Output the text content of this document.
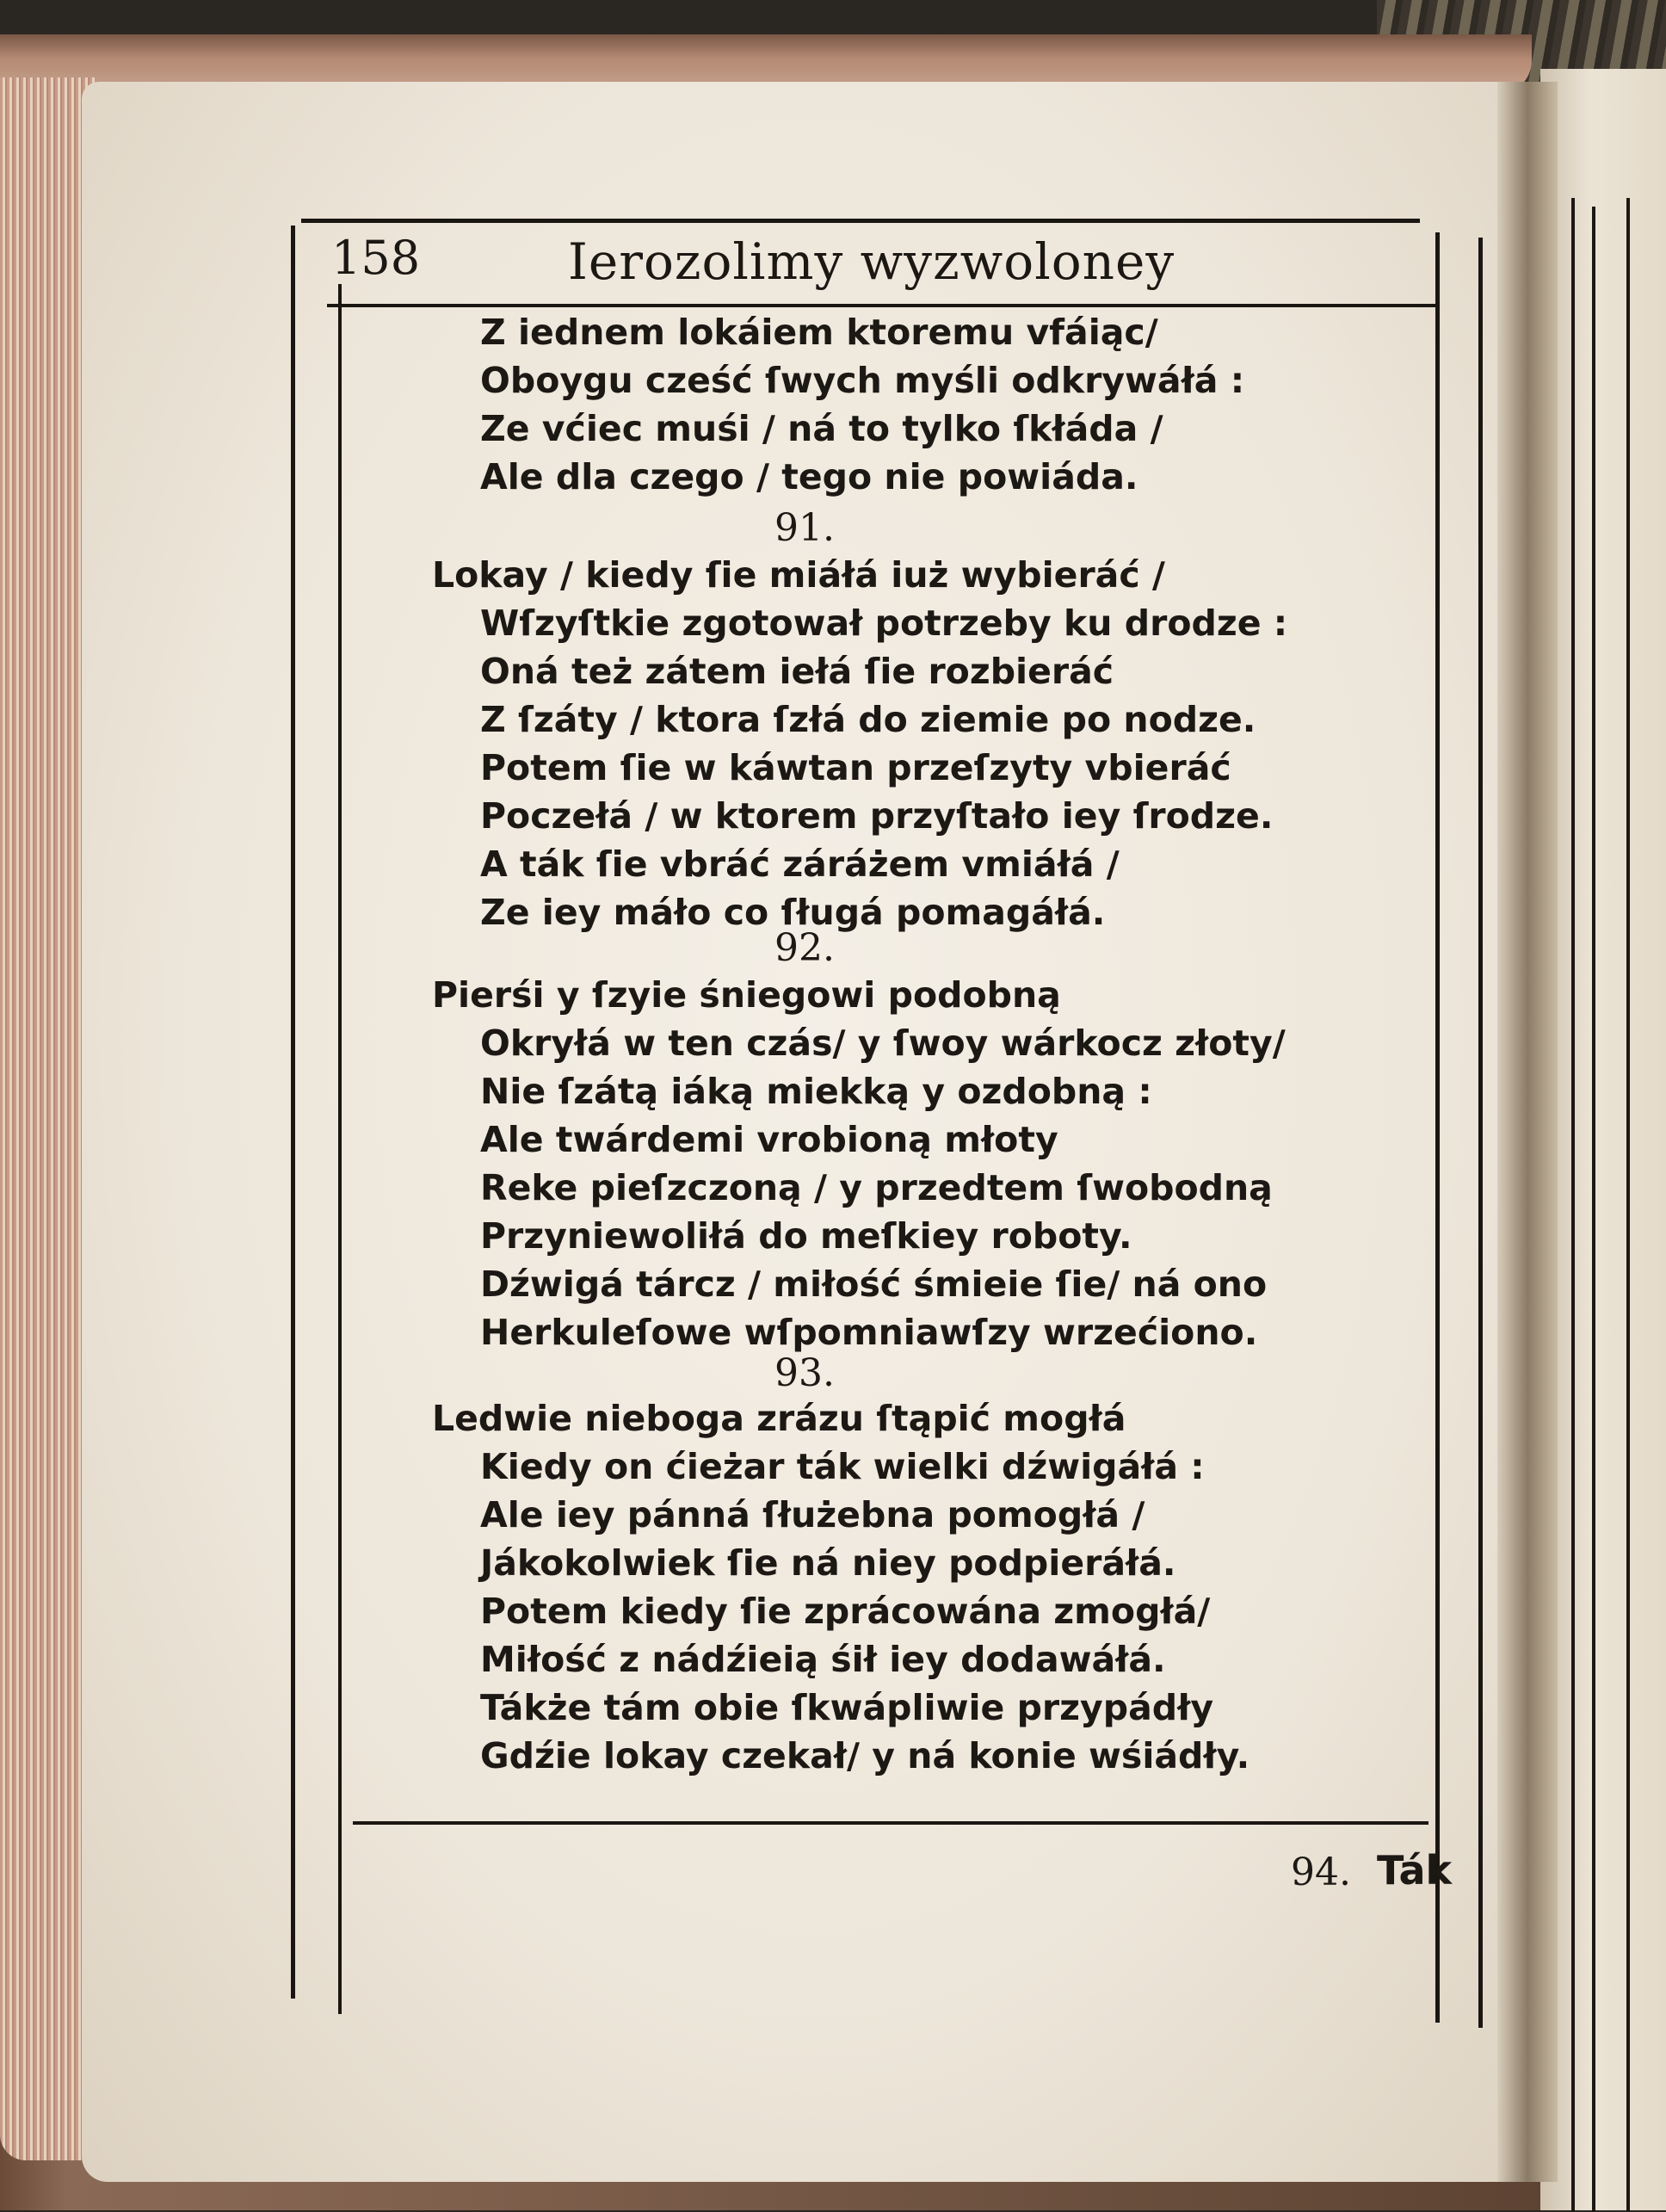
158	Ierozolimy wyzwoloney
Z iednem lokáiem ktoremu vfáiąc/
Oboygu cześć ſwych myśli odkrywáłá :
Ze vćiec muśi / ná to tylko ſkłáda /
Ale dla czego / tego nie powiáda.
91.
Lokay / kiedy ſie miáłá iuż wybieráć /
Wſzyſtkie zgotował potrzeby ku drodze :
Oná też zátem iełá ſie rozbieráć
Z ſzáty / ktora ſzłá do ziemie po nodze.
Potem ſie w káwtan przeſzyty vbieráć
Poczełá / w ktorem przyſtało iey ſrodze.
A ták ſie vbráć záráżem vmiáłá /
Ze iey máło co ſługá pomagáłá.
92.
Pierśi y ſzyie śniegowi podobną
Okryłá w ten czás/ y ſwoy wárkocz złoty/
Nie ſzátą iáką miekką y ozdobną :
Ale twárdemi vrobioną młoty
Reke pieſzczoną / y przedtem ſwobodną
Przyniewoliłá do meſkiey roboty.
Dźwigá tárcz / miłość śmieie ſie/ ná ono
Herkuleſowe wſpomniawſzy wrzećiono.
93.
Ledwie nieboga zrázu ſtąpić mogłá
Kiedy on ćieżar ták wielki dźwigáłá :
Ale iey pánná ſłużebna pomogłá /
Jákokolwiek ſie ná niey podpieráłá.
Potem kiedy ſie zprácowána zmogłá/
Miłość z nádźieią śił iey dodawáłá.
Tákże tám obie ſkwápliwie przypádły
Gdźie lokay czekał/ y ná konie wśiádły.
94. Ták
